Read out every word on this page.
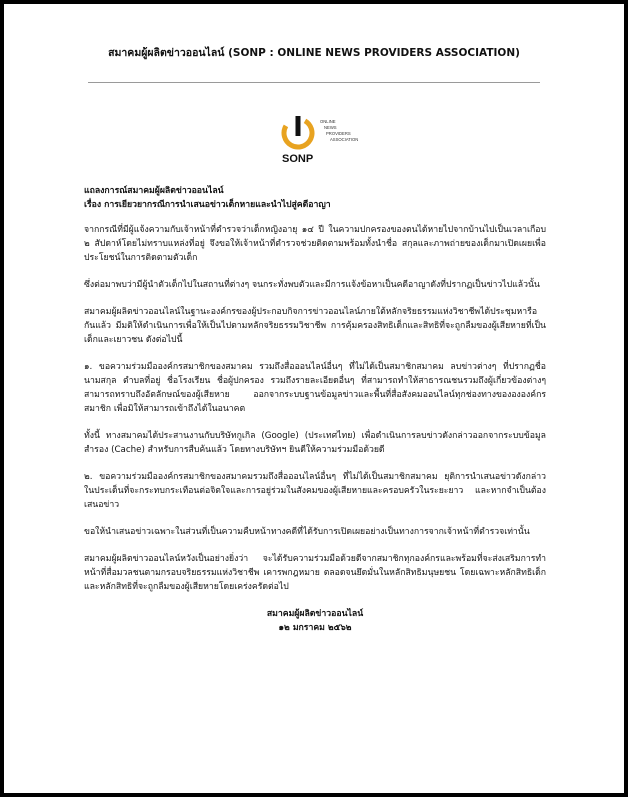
สมาคมผู้ผลิตข่าวออนไลน์ (SONP : ONLINE NEWS PROVIDERS ASSOCIATION)
ONLINE
NEWS
PROVIDERS
ASSOCIATION
SONP
แถลงการณ์สมาคมผู้ผลิตข่าวออนไลน์
เรื่อง การเยียวยากรณีการนำเสนอข่าวเด็กหายและนำไปสู่คดีอาญา

จากกรณีที่มีผู้แจ้งความกับเจ้าหน้าที่ตำรวจว่าเด็กหญิงอายุ ๑๔ ปี ในความปกครองของตนได้หายไปจากบ้านไปเป็นเวลาเกือบ ๒ สัปดาห์โดยไม่ทราบแหล่งที่อยู่ จึงขอให้เจ้าหน้าที่ตำรวจช่วยติดตามพร้อมทั้งนำชื่อ สกุลและภาพถ่ายของเด็กมาเปิดเผยเพื่อประโยชน์ในการติดตามตัวเด็ก

ซึ่งต่อมาพบว่ามีผู้นำตัวเด็กไปในสถานที่ต่างๆ จนกระทั่งพบตัวและมีการแจ้งข้อหาเป็นคดีอาญาดังที่ปรากฏเป็นข่าวไปแล้วนั้น

สมาคมผู้ผลิตข่าวออนไลน์ในฐานะองค์กรของผู้ประกอบกิจการข่าวออนไลน์ภายใต้หลักจริยธรรมแห่งวิชาชีพได้ประชุมหารือกันแล้ว มีมติให้ดำเนินการเพื่อให้เป็นไปตามหลักจริยธรรมวิชาชีพ การคุ้มครองสิทธิเด็กและสิทธิที่จะถูกลืมของผู้เสียหายที่เป็นเด็กและเยาวชน ดังต่อไปนี้

๑. ขอความร่วมมือองค์กรสมาชิกของสมาคม รวมถึงสื่อออนไลน์อื่นๆ ที่ไม่ได้เป็นสมาชิกสมาคม ลบข่าวต่างๆ ที่ปรากฏชื่อ นามสกุล ตำบลที่อยู่ ชื่อโรงเรียน ชื่อผู้ปกครอง รวมถึงรายละเอียดอื่นๆ ที่สามารถทำให้สาธารณชนรวมถึงผู้เกี่ยวข้องต่างๆ สามารถทราบถึงอัตลักษณ์ของผู้เสียหาย ออกจากระบบฐานข้อมูลข่าวและพื้นที่สื่อสังคมออนไลน์ทุกช่องทางของององค์กรสมาชิก เพื่อมิให้สามารถเข้าถึงได้ในอนาคต

ทั้งนี้ ทางสมาคมได้ประสานงานกับบริษัทกูเกิล (Google) (ประเทศไทย) เพื่อดำเนินการลบข่าวดังกล่าวออกจากระบบข้อมูลสำรอง (Cache) สำหรับการสืบค้นแล้ว โดยทางบริษัทฯ ยินดีให้ความร่วมมือด้วยดี

๒. ขอความร่วมมือองค์กรสมาชิกของสมาคมรวมถึงสื่อออนไลน์อื่นๆ ที่ไม่ได้เป็นสมาชิกสมาคม ยุติการนำเสนอข่าวดังกล่าว ในประเด็นที่จะกระทบกระเทือนต่อจิตใจและการอยู่ร่วมในสังคมของผู้เสียหายและครอบครัวในระยะยาว และหากจำเป็นต้องเสนอข่าว

ขอให้นำเสนอข่าวเฉพาะในส่วนที่เป็นความคืบหน้าทางคดีที่ได้รับการเปิดเผยอย่างเป็นทางการจากเจ้าหน้าที่ตำรวจเท่านั้น

สมาคมผู้ผลิตข่าวออนไลน์หวังเป็นอย่างยิ่งว่า จะได้รับความร่วมมือด้วยดีจากสมาชิกทุกองค์กรและพร้อมที่จะส่งเสริมการทำหน้าที่สื่อมวลชนตามกรอบจริยธรรมแห่งวิชาชีพ เคารพกฎหมาย ตลอดจนยึดมั่นในหลักสิทธิมนุษยชน โดยเฉพาะหลักสิทธิเด็กและหลักสิทธิที่จะถูกลืมของผู้เสียหายโดยเคร่งครัดต่อไป

สมาคมผู้ผลิตข่าวออนไลน์
๑๒ มกราคม ๒๕๖๒
